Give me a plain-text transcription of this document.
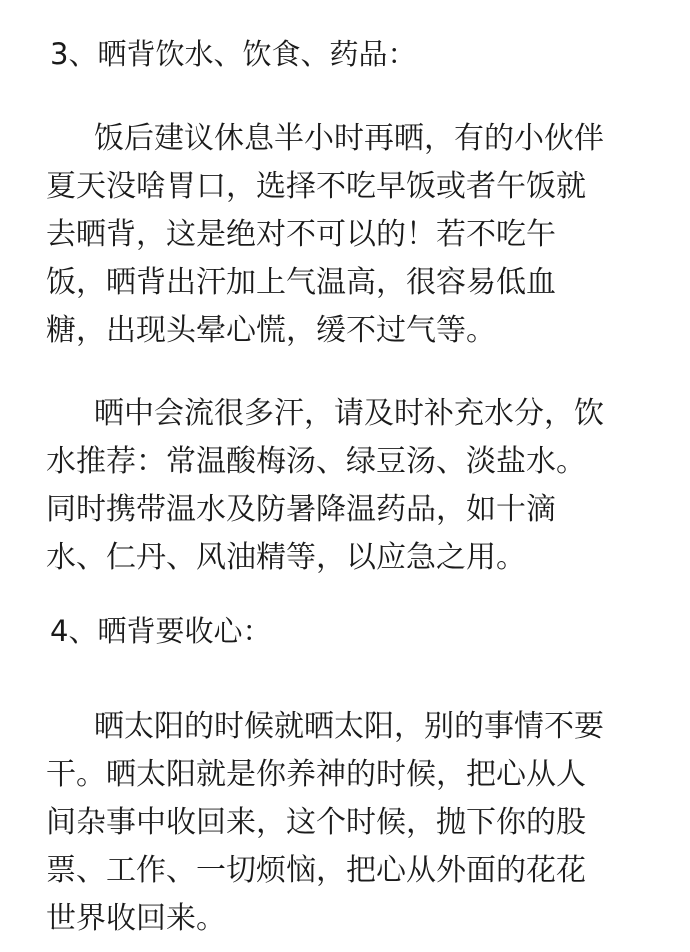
3、晒背饮水、饮食、药品：
饭后建议休息半小时再晒，有的小伙伴
夏天没啥胃口，选择不吃早饭或者午饭就
去晒背，这是绝对不可以的！若不吃午
饭，晒背出汗加上气温高，很容易低血
糖，出现头晕心慌，缓不过气等。
晒中会流很多汗，请及时补充水分，饮
水推荐：常温酸梅汤、绿豆汤、淡盐水。
同时携带温水及防暑降温药品，如十滴
水、仁丹、风油精等，以应急之用。
4、晒背要收心：
晒太阳的时候就晒太阳，别的事情不要
干。晒太阳就是你养神的时候，把心从人
间杂事中收回来，这个时候，抛下你的股
票、工作、一切烦恼，把心从外面的花花
世界收回来。
